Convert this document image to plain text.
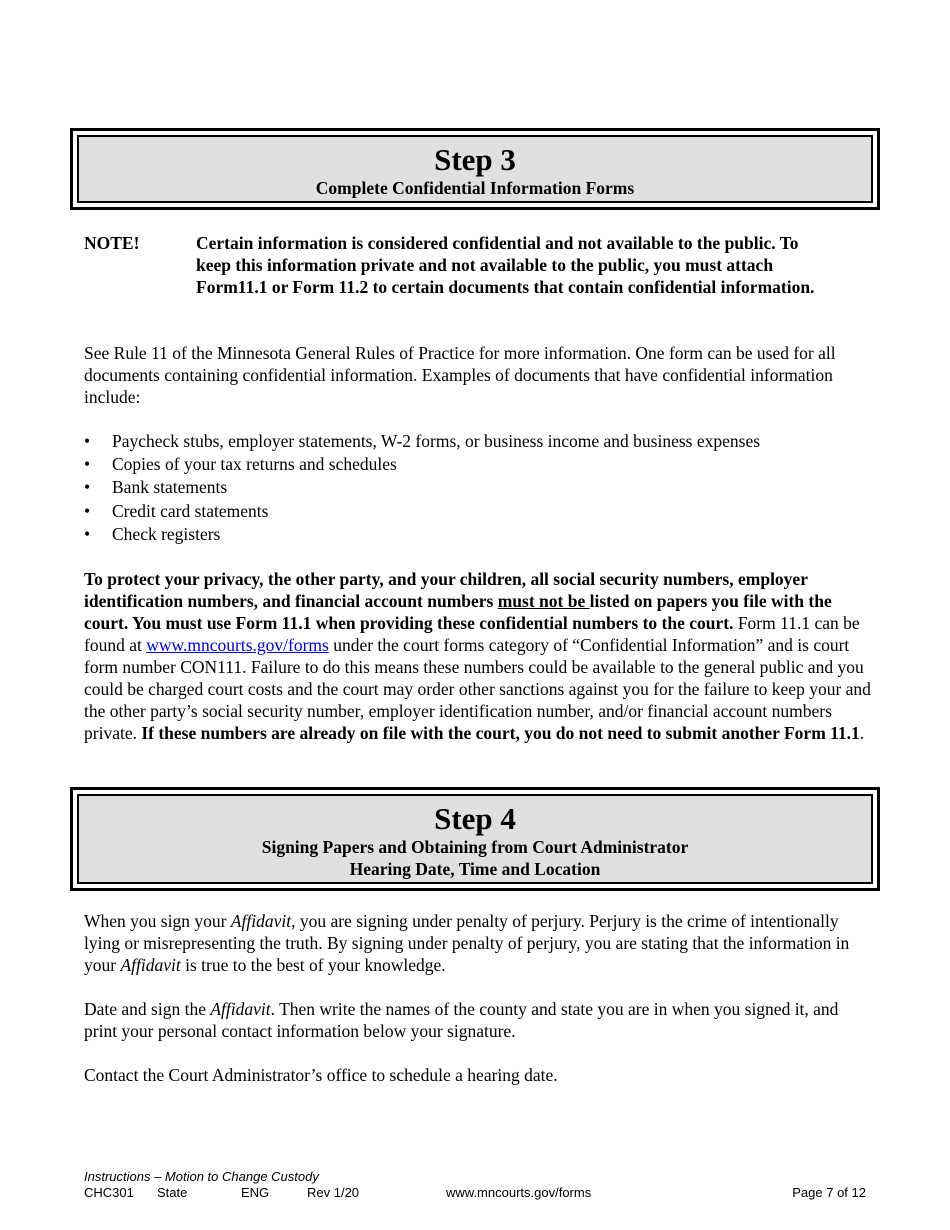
Step 3
Complete Confidential Information Forms
NOTE!	Certain information is considered confidential and not available to the public. To keep this information private and not available to the public, you must attach Form11.1 or Form 11.2 to certain documents that contain confidential information.

See Rule 11 of the Minnesota General Rules of Practice for more information. One form can be used for all documents containing confidential information. Examples of documents that have confidential information include:

• Paycheck stubs, employer statements, W-2 forms, or business income and business expenses
• Copies of your tax returns and schedules
• Bank statements
• Credit card statements
• Check registers

To protect your privacy, the other party, and your children, all social security numbers, employer identification numbers, and financial account numbers must not be listed on papers you file with the court. You must use Form 11.1 when providing these confidential numbers to the court. Form 11.1 can be found at www.mncourts.gov/forms under the court forms category of “Confidential Information” and is court form number CON111. Failure to do this means these numbers could be available to the general public and you could be charged court costs and the court may order other sanctions against you for the failure to keep your and the other party’s social security number, employer identification number, and/or financial account numbers private. If these numbers are already on file with the court, you do not need to submit another Form 11.1.

Step 4
Signing Papers and Obtaining from Court Administrator
Hearing Date, Time and Location

When you sign your Affidavit, you are signing under penalty of perjury. Perjury is the crime of intentionally lying or misrepresenting the truth. By signing under penalty of perjury, you are stating that the information in your Affidavit is true to the best of your knowledge.

Date and sign the Affidavit. Then write the names of the county and state you are in when you signed it, and print your personal contact information below your signature.

Contact the Court Administrator’s office to schedule a hearing date.

Instructions – Motion to Change Custody
CHC301 State	ENG	Rev 1/20	www.mncourts.gov/forms	Page 7 of 12
